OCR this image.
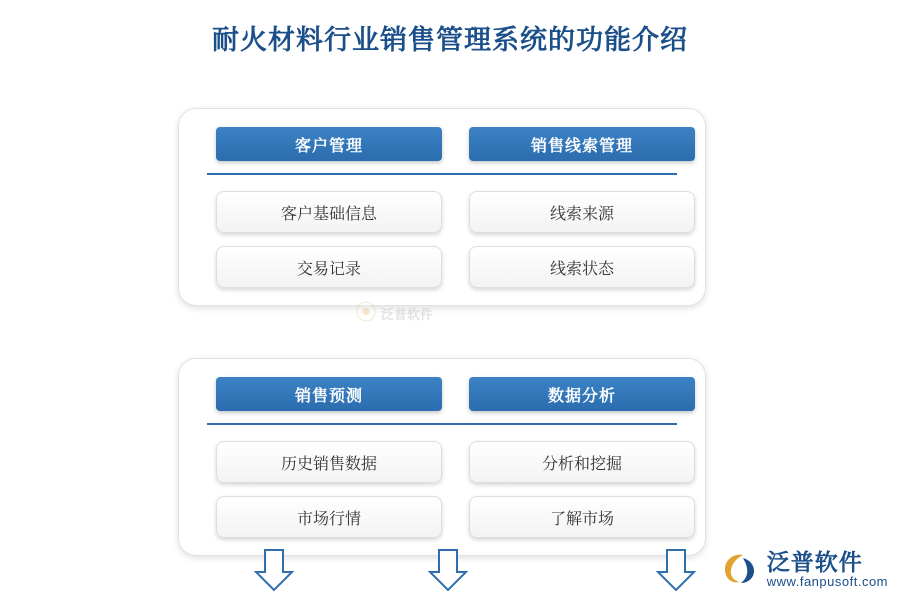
耐火材料行业销售管理系统的功能介绍
客户管理
客户基础信息
交易记录
销售线索管理
线索来源
线索状态
⦿ 泛普软件
销售预测
历史销售数据
市场行情
数据分析
分析和挖掘
了解市场
泛普软件
www.fanpusoft.com
